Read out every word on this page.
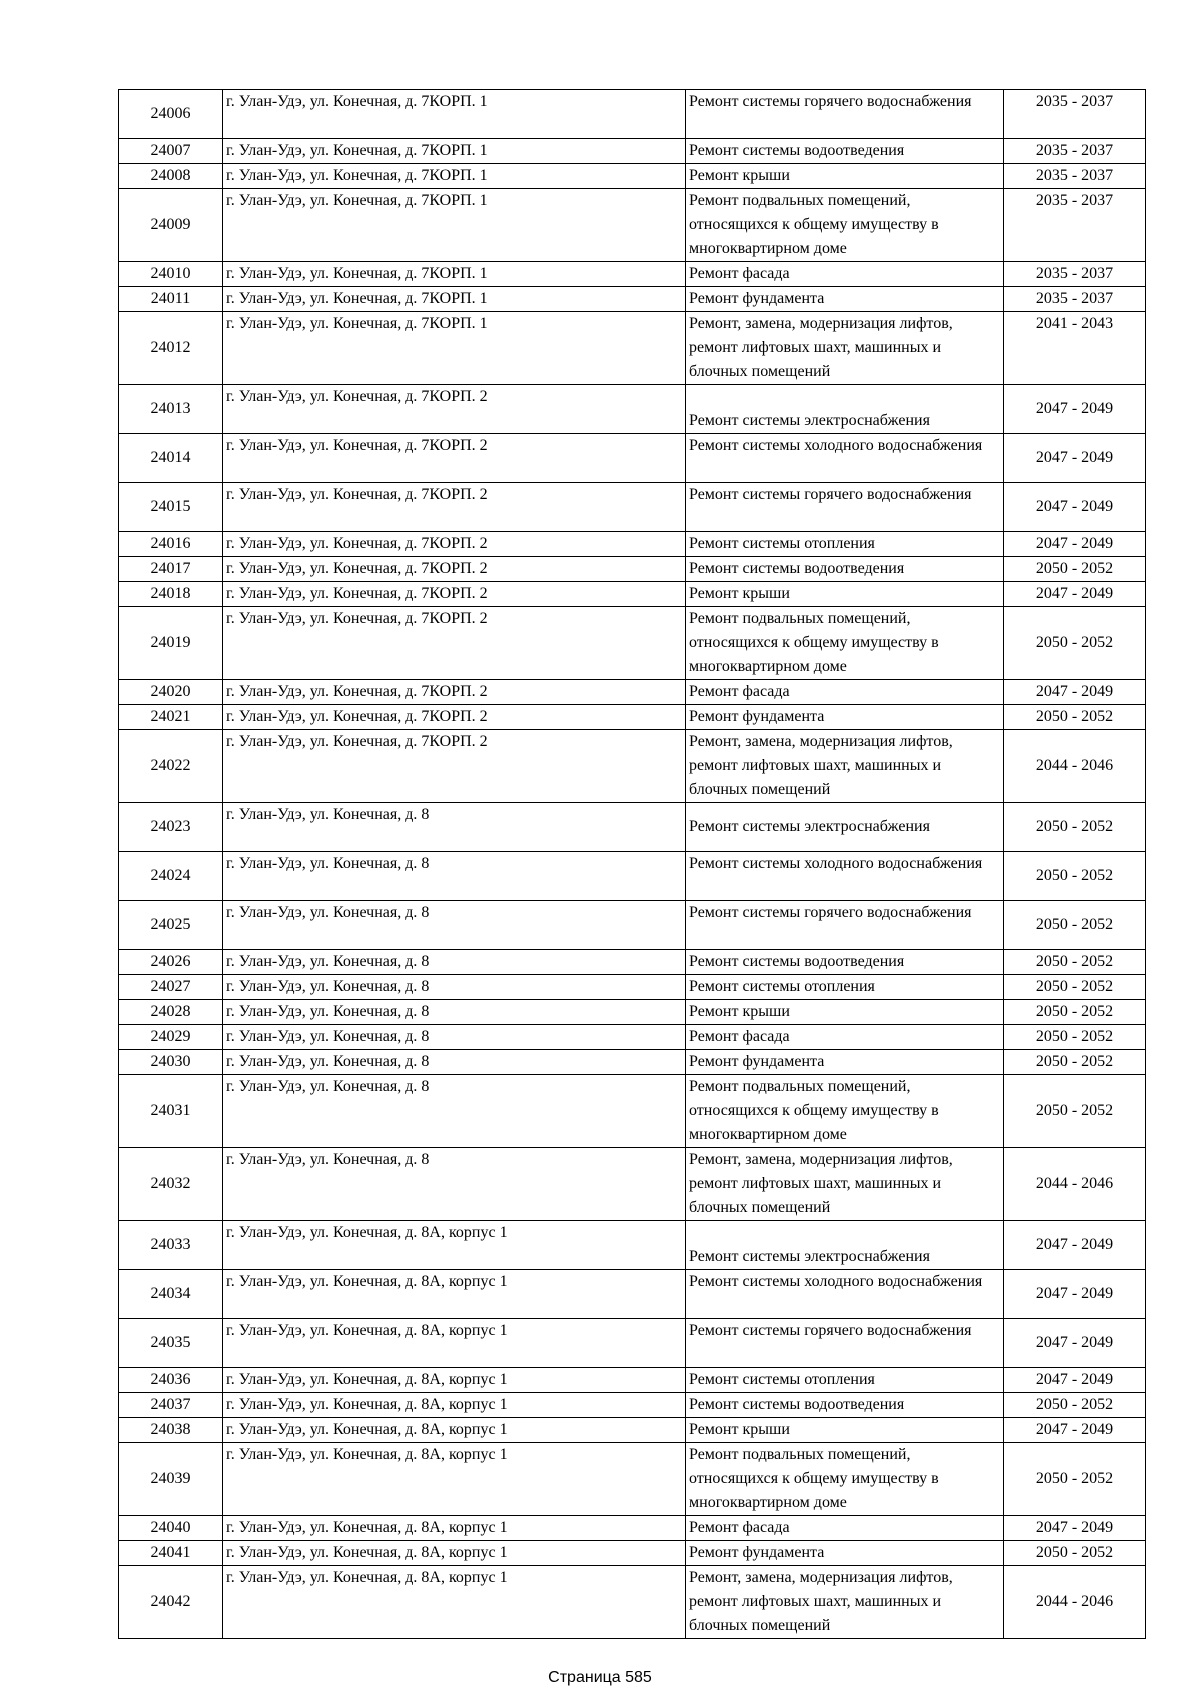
24006	г. Улан-Удэ, ул. Конечная, д. 7КОРП. 1	Ремонт системы горячего водоснабжения	2035 - 2037
24007	г. Улан-Удэ, ул. Конечная, д. 7КОРП. 1	Ремонт системы водоотведения	2035 - 2037
24008	г. Улан-Удэ, ул. Конечная, д. 7КОРП. 1	Ремонт крыши	2035 - 2037
24009	г. Улан-Удэ, ул. Конечная, д. 7КОРП. 1	Ремонт подвальных помещений, относящихся к общему имуществу в многоквартирном доме	2035 - 2037
24010	г. Улан-Удэ, ул. Конечная, д. 7КОРП. 1	Ремонт фасада	2035 - 2037
24011	г. Улан-Удэ, ул. Конечная, д. 7КОРП. 1	Ремонт фундамента	2035 - 2037
24012	г. Улан-Удэ, ул. Конечная, д. 7КОРП. 1	Ремонт, замена, модернизация лифтов, ремонт лифтовых шахт, машинных и блочных помещений	2041 - 2043
24013	г. Улан-Удэ, ул. Конечная, д. 7КОРП. 2	Ремонт системы электроснабжения	2047 - 2049
24014	г. Улан-Удэ, ул. Конечная, д. 7КОРП. 2	Ремонт системы холодного водоснабжения	2047 - 2049
24015	г. Улан-Удэ, ул. Конечная, д. 7КОРП. 2	Ремонт системы горячего водоснабжения	2047 - 2049
24016	г. Улан-Удэ, ул. Конечная, д. 7КОРП. 2	Ремонт системы отопления	2047 - 2049
24017	г. Улан-Удэ, ул. Конечная, д. 7КОРП. 2	Ремонт системы водоотведения	2050 - 2052
24018	г. Улан-Удэ, ул. Конечная, д. 7КОРП. 2	Ремонт крыши	2047 - 2049
24019	г. Улан-Удэ, ул. Конечная, д. 7КОРП. 2	Ремонт подвальных помещений, относящихся к общему имуществу в многоквартирном доме	2050 - 2052
24020	г. Улан-Удэ, ул. Конечная, д. 7КОРП. 2	Ремонт фасада	2047 - 2049
24021	г. Улан-Удэ, ул. Конечная, д. 7КОРП. 2	Ремонт фундамента	2050 - 2052
24022	г. Улан-Удэ, ул. Конечная, д. 7КОРП. 2	Ремонт, замена, модернизация лифтов, ремонт лифтовых шахт, машинных и блочных помещений	2044 - 2046
24023	г. Улан-Удэ, ул. Конечная, д. 8	Ремонт системы электроснабжения	2050 - 2052
24024	г. Улан-Удэ, ул. Конечная, д. 8	Ремонт системы холодного водоснабжения	2050 - 2052
24025	г. Улан-Удэ, ул. Конечная, д. 8	Ремонт системы горячего водоснабжения	2050 - 2052
24026	г. Улан-Удэ, ул. Конечная, д. 8	Ремонт системы водоотведения	2050 - 2052
24027	г. Улан-Удэ, ул. Конечная, д. 8	Ремонт системы отопления	2050 - 2052
24028	г. Улан-Удэ, ул. Конечная, д. 8	Ремонт крыши	2050 - 2052
24029	г. Улан-Удэ, ул. Конечная, д. 8	Ремонт фасада	2050 - 2052
24030	г. Улан-Удэ, ул. Конечная, д. 8	Ремонт фундамента	2050 - 2052
24031	г. Улан-Удэ, ул. Конечная, д. 8	Ремонт подвальных помещений, относящихся к общему имуществу в многоквартирном доме	2050 - 2052
24032	г. Улан-Удэ, ул. Конечная, д. 8	Ремонт, замена, модернизация лифтов, ремонт лифтовых шахт, машинных и блочных помещений	2044 - 2046
24033	г. Улан-Удэ, ул. Конечная, д. 8А, корпус 1	Ремонт системы электроснабжения	2047 - 2049
24034	г. Улан-Удэ, ул. Конечная, д. 8А, корпус 1	Ремонт системы холодного водоснабжения	2047 - 2049
24035	г. Улан-Удэ, ул. Конечная, д. 8А, корпус 1	Ремонт системы горячего водоснабжения	2047 - 2049
24036	г. Улан-Удэ, ул. Конечная, д. 8А, корпус 1	Ремонт системы отопления	2047 - 2049
24037	г. Улан-Удэ, ул. Конечная, д. 8А, корпус 1	Ремонт системы водоотведения	2050 - 2052
24038	г. Улан-Удэ, ул. Конечная, д. 8А, корпус 1	Ремонт крыши	2047 - 2049
24039	г. Улан-Удэ, ул. Конечная, д. 8А, корпус 1	Ремонт подвальных помещений, относящихся к общему имуществу в многоквартирном доме	2050 - 2052
24040	г. Улан-Удэ, ул. Конечная, д. 8А, корпус 1	Ремонт фасада	2047 - 2049
24041	г. Улан-Удэ, ул. Конечная, д. 8А, корпус 1	Ремонт фундамента	2050 - 2052
24042	г. Улан-Удэ, ул. Конечная, д. 8А, корпус 1	Ремонт, замена, модернизация лифтов, ремонт лифтовых шахт, машинных и блочных помещений	2044 - 2046
Страница 585
